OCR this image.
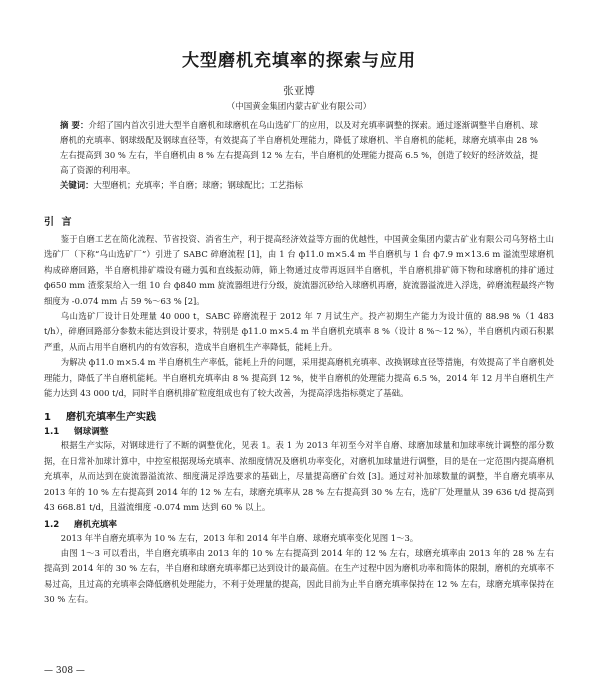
大型磨机充填率的探索与应用
张亚博
（中国黄金集团内蒙古矿业有限公司）
摘 要：介绍了国内首次引进大型半自磨机和球磨机在乌山选矿厂的应用，以及对充填率调整的探索。通过逐渐调整半自磨机、球磨机的充填率、钢球级配及钢球直径等，有效提高了半自磨机处理能力，降低了球磨机、半自磨机的能耗，球磨充填率由 28 % 左右提高到 30 % 左右，半自磨机由 8 % 左右提高到 12 % 左右，半自磨机的处理能力提高 6.5 %，创造了较好的经济效益，提高了资源的利用率。
关键词：大型磨机；充填率；半自磨；球磨；钢球配比；工艺指标
引 言

鉴于自磨工艺在简化流程、节省投资、消省生产，利于提高经济效益等方面的优越性，中国黄金集团内蒙古矿业有限公司乌努格土山选矿厂（下称“乌山选矿厂”）引进了 SABC 碎磨流程 [1]，由 1 台 ф11.0 m×5.4 m 半自磨机与 1 台 ф7.9 m×13.6 m 溢流型球磨机构成碎磨回路，半自磨机排矿端设有磁力弧和直线振动筛，筛上物通过皮带再返回半自磨机，半自磨机排矿筛下物和球磨机的排矿通过 ф650 mm 渣浆泵给入一组 10 台 ф840 mm 旋流器组进行分级，旋流器沉砂给入球磨机再磨，旋流器溢流进入浮选，碎磨流程最终产物细度为 -0.074 mm 占 59 %～63 % [2]。

乌山选矿厂设计日处理量 40 000 t，SABC 碎磨流程于 2012 年 7 月试生产。投产初期生产能力为设计值的 88.98 %（1 483 t/h），碎磨回路部分参数未能达到设计要求，特别是 ф11.0 m×5.4 m 半自磨机充填率 8 %（设计 8 %～12 %），半自磨机内顽石积累严重，从而占用半自磨机内的有效容积，造成半自磨机生产率降低，能耗上升。

为解决 ф11.0 m×5.4 m 半自磨机生产率低，能耗上升的问题，采用提高磨机充填率、改换钢球直径等措施，有效提高了半自磨机处理能力，降低了半自磨机能耗。半自磨机充填率由 8 % 提高到 12 %，使半自磨机的处理能力提高 6.5 %，2014 年 12 月半自磨机生产能力达到 43 000 t/d，同时半自磨机排矿粒度组成也有了较大改善，为提高浮选指标奠定了基础。

1 磨机充填率生产实践
1.1 钢球调整

根据生产实际，对钢球进行了不断的调整优化，见表 1。表 1 为 2013 年初至今对半自磨、球磨加球量和加球率统计调整的部分数据，在日常补加球计算中，中控室根据现场充填率、浓细度情况及磨机功率变化，对磨机加球量进行调整，目的是在一定范围内提高磨机充填率，从而达到在旋流器溢流浓、细度满足浮选要求的基础上，尽量提高磨矿台效 [3]。通过对补加球数量的调整，半自磨充填率从 2013 年的 10 % 左右提高到 2014 年的 12 % 左右，球磨充填率从 28 % 左右提高到 30 % 左右，选矿厂处理量从 39 636 t/d 提高到 43 668.81 t/d，且溢流细度 -0.074 mm 达到 60 % 以上。

1.2 磨机充填率

2013 年半自磨充填率为 10 % 左右，2013 年和 2014 年半自磨、球磨充填率变化见图 1～3。

由图 1～3 可以看出，半自磨充填率由 2013 年的 10 % 左右提高到 2014 年的 12 % 左右，球磨充填率由 2013 年的 28 % 左右提高到 2014 年的 30 % 左右，半自磨和球磨充填率都已达到设计的最高值。在生产过程中因为磨机功率和筒体的限制，磨机的充填率不易过高，且过高的充填率会降低磨机处理能力，不利于处理量的提高，因此目前为止半自磨充填率保持在 12 % 左右，球磨充填率保持在 30 % 左右。

— 308 —
